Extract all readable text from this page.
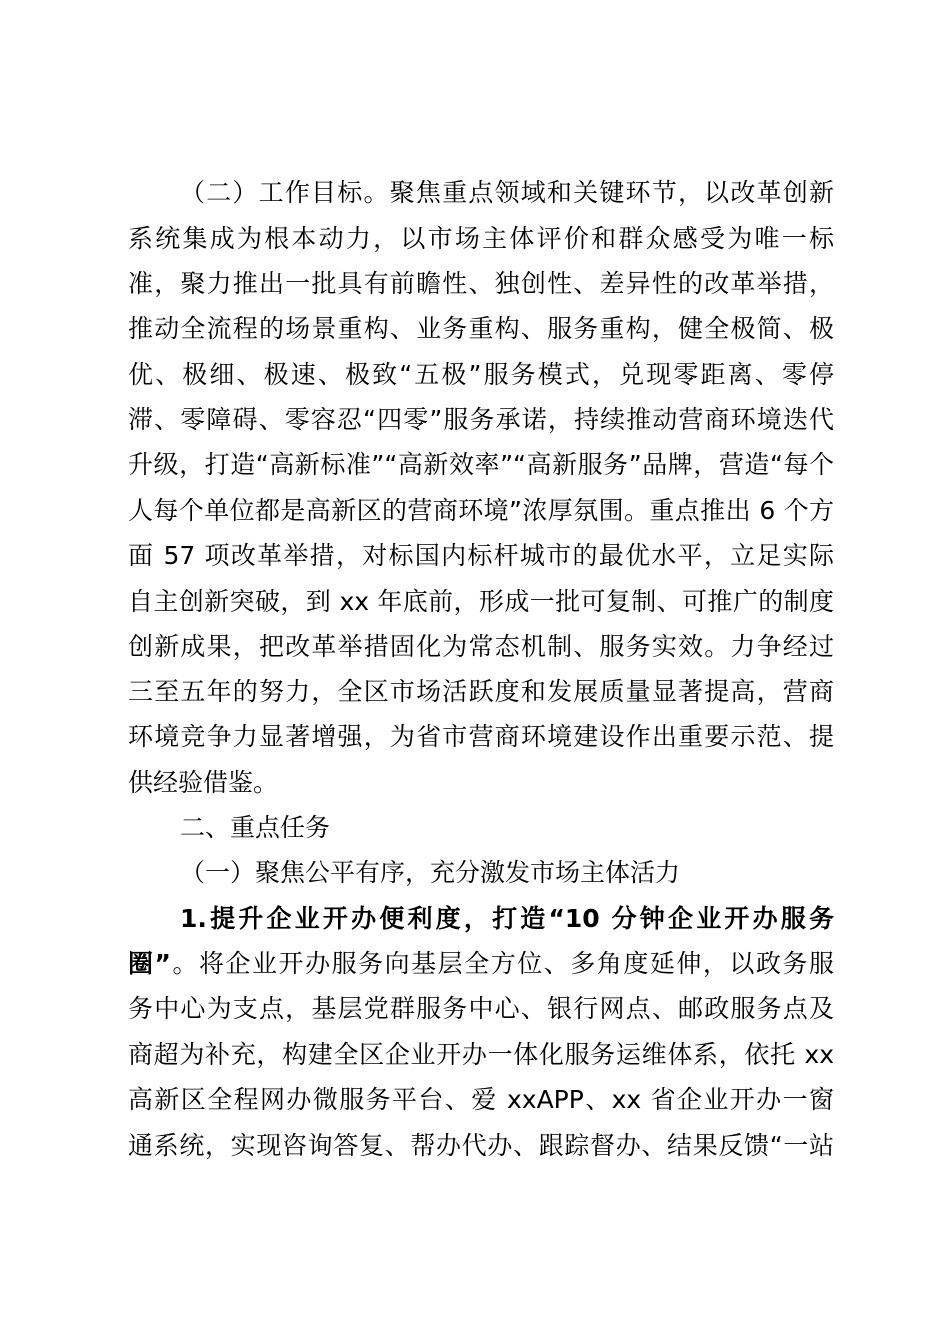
（二）工作目标。聚焦重点领域和关键环节，以改革创新
系统集成为根本动力，以市场主体评价和群众感受为唯一标
准，聚力推出一批具有前瞻性、独创性、差异性的改革举措，
推动全流程的场景重构、业务重构、服务重构，健全极简、极
优、极细、极速、极致“五极”服务模式，兑现零距离、零停
滞、零障碍、零容忍“四零”服务承诺，持续推动营商环境迭代
升级，打造“高新标准”“高新效率”“高新服务”品牌，营造“每个
人每个单位都是高新区的营商环境”浓厚氛围。重点推出 6 个方
面 57 项改革举措，对标国内标杆城市的最优水平，立足实际
自主创新突破，到 xx 年底前，形成一批可复制、可推广的制度
创新成果，把改革举措固化为常态机制、服务实效。力争经过
三至五年的努力，全区市场活跃度和发展质量显著提高，营商
环境竞争力显著增强，为省市营商环境建设作出重要示范、提
供经验借鉴。
二、重点任务
（一）聚焦公平有序，充分激发市场主体活力
1.提升企业开办便利度，打造“10 分钟企业开办服务
圈”。将企业开办服务向基层全方位、多角度延伸，以政务服
务中心为支点，基层党群服务中心、银行网点、邮政服务点及
商超为补充，构建全区企业开办一体化服务运维体系，依托 xx
高新区全程网办微服务平台、爱 xxAPP、xx 省企业开办一窗
通系统，实现咨询答复、帮办代办、跟踪督办、结果反馈“一站
